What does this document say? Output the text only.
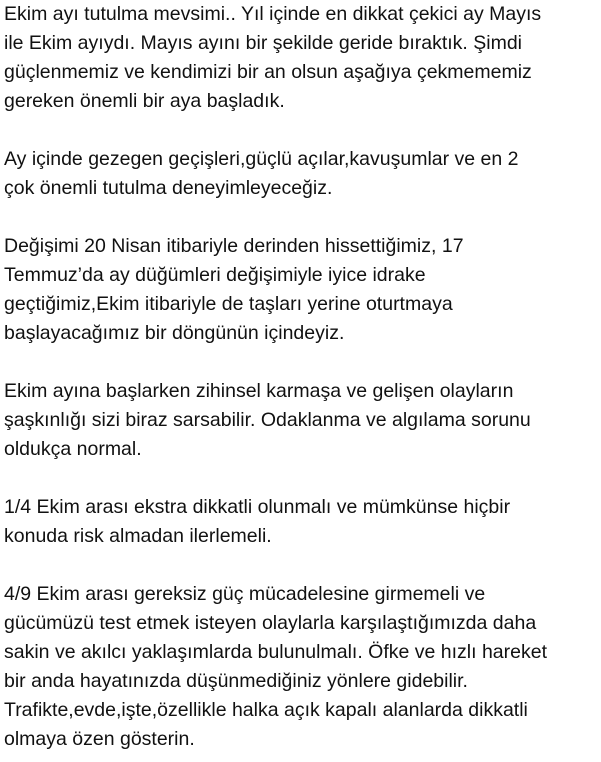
Ekim ayı tutulma mevsimi.. Yıl içinde en dikkat çekici ay Mayıs
ile Ekim ayıydı. Mayıs ayını bir şekilde geride bıraktık. Şimdi
güçlenmemiz ve kendimizi bir an olsun aşağıya çekmememiz
gereken önemli bir aya başladık.
Ay içinde gezegen geçişleri,güçlü açılar,kavuşumlar ve en 2
çok önemli tutulma deneyimleyeceğiz.
Değişimi 20 Nisan itibariyle derinden hissettiğimiz, 17
Temmuz’da ay düğümleri değişimiyle iyice idrake
geçtiğimiz,Ekim itibariyle de taşları yerine oturtmaya
başlayacağımız bir döngünün içindeyiz.
Ekim ayına başlarken zihinsel karmaşa ve gelişen olayların
şaşkınlığı sizi biraz sarsabilir. Odaklanma ve algılama sorunu
oldukça normal.
1/4 Ekim arası ekstra dikkatli olunmalı ve mümkünse hiçbir
konuda risk almadan ilerlemeli.
4/9 Ekim arası gereksiz güç mücadelesine girmemeli ve
gücümüzü test etmek isteyen olaylarla karşılaştığımızda daha
sakin ve akılcı yaklaşımlarda bulunulmalı. Öfke ve hızlı hareket
bir anda hayatınızda düşünmediğiniz yönlere gidebilir.
Trafikte,evde,işte,özellikle halka açık kapalı alanlarda dikkatli
olmaya özen gösterin.
